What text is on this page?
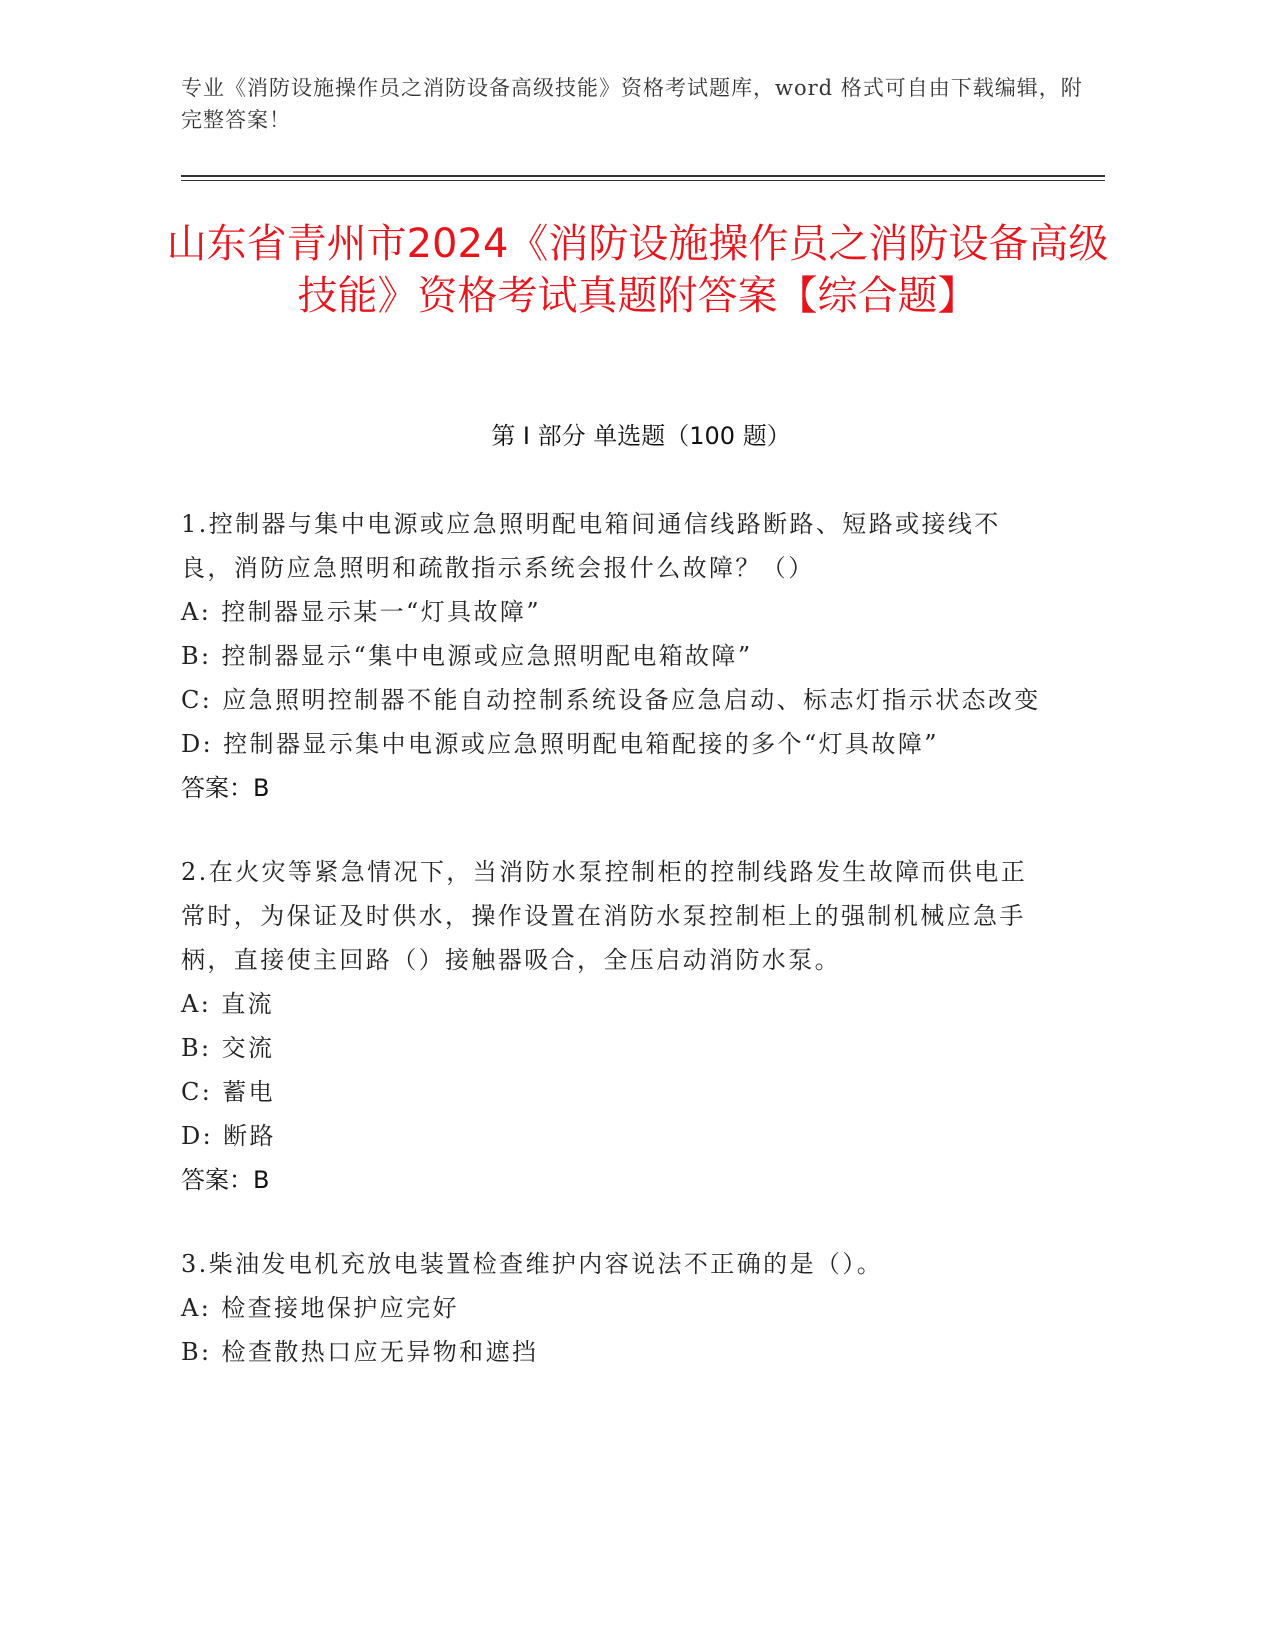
专业《消防设施操作员之消防设备高级技能》资格考试题库，word 格式可自由下载编辑，附完整答案！
山东省青州市2024《消防设施操作员之消防设备高级技能》资格考试真题附答案【综合题】
第 I 部分 单选题（100 题）

1.控制器与集中电源或应急照明配电箱间通信线路断路、短路或接线不良，消防应急照明和疏散指示系统会报什么故障？（）

A: 控制器显示某一“灯具故障”

B: 控制器显示“集中电源或应急照明配电箱故障”

C: 应急照明控制器不能自动控制系统设备应急启动、标志灯指示状态改变

D: 控制器显示集中电源或应急照明配电箱配接的多个“灯具故障”

答案：B

2.在火灾等紧急情况下，当消防水泵控制柜的控制线路发生故障而供电正常时，为保证及时供水，操作设置在消防水泵控制柜上的强制机械应急手柄，直接使主回路（）接触器吸合，全压启动消防水泵。

A: 直流

B: 交流

C: 蓄电

D: 断路

答案：B

3.柴油发电机充放电装置检查维护内容说法不正确的是（）。

A: 检查接地保护应完好

B: 检查散热口应无异物和遮挡
